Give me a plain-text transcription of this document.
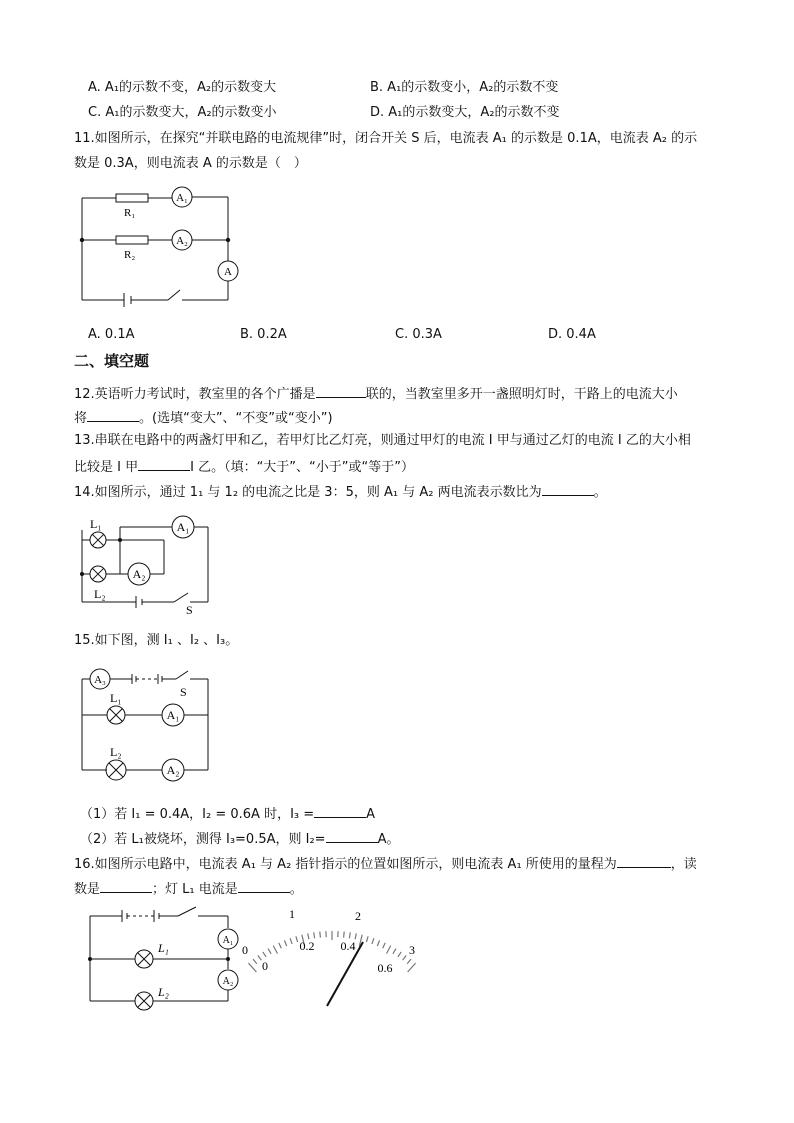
A. A₁的示数不变，A₂的示数变大	B. A₁的示数变小，A₂的示数不变
C. A₁的示数变大，A₂的示数变小	D. A₁的示数变大，A₂的示数不变
11.如图所示，在探究“并联电路的电流规律”时，闭合开关 S 后，电流表 A₁ 的示数是 0.1A，电流表 A₂ 的示
数是 0.3A，则电流表 A 的示数是（　）
A₁
A₂
A
R₁
R₂
A. 0.1A	B. 0.2A	C. 0.3A	D. 0.4A
二、填空题
12.英语听力考试时，教室里的各个广播是	联的，当教室里多开一盏照明灯时，干路上的电流大小
将	。(选填“变大”、“不变”或“变小”)
13.串联在电路中的两盏灯甲和乙，若甲灯比乙灯亮，则通过甲灯的电流 I 甲与通过乙灯的电流 I 乙的大小相
比较是 I 甲	I 乙。（填：“大于”、“小于”或“等于”）
14.如图所示，通过 1₁ 与 1₂ 的电流之比是 3：5，则 A₁ 与 A₂ 两电流表示数比为	。
A₁
A₂
L₁
L₂
S
15.如下图，测 I₁ 、I₂ 、I₃。
A₃
A₁
A₂
L₁
L₂
S
（1）若 I₁ = 0.4A，I₂ = 0.6A 时，I₃ =	A
（2）若 L₁被烧坏，测得 I₃=0.5A，则 I₂=	A。
16.如图所示电路中，电流表 A₁ 与 A₂ 指针指示的位置如图所示，则电流表 A₁ 所使用的量程为	，读
数是	；灯 L₁ 电流是	。
A₁
A₂
L₁
L₂
1	2
3
0
0
0.2 0.4
0.6
